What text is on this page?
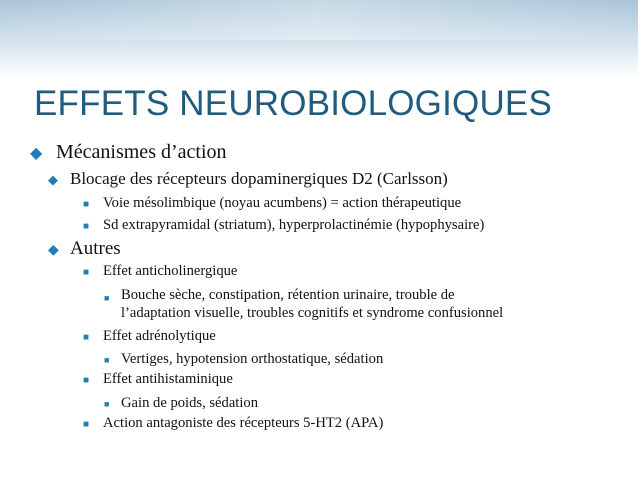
EFFETS NEUROBIOLOGIQUES
◆ Mécanismes d’action
◆ Blocage des récepteurs dopaminergiques D2 (Carlsson)
■ Voie mésolimbique (noyau acumbens) = action thérapeutique
■ Sd extrapyramidal (striatum), hyperprolactinémie (hypophysaire)
◆ Autres
■ Effet anticholinergique
■ Bouche sèche, constipation, rétention urinaire, trouble de
l’adaptation visuelle, troubles cognitifs et syndrome confusionnel
■ Effet adrénolytique
■ Vertiges, hypotension orthostatique, sédation
■ Effet antihistaminique
■ Gain de poids, sédation
■ Action antagoniste des récepteurs 5-HT2 (APA)
